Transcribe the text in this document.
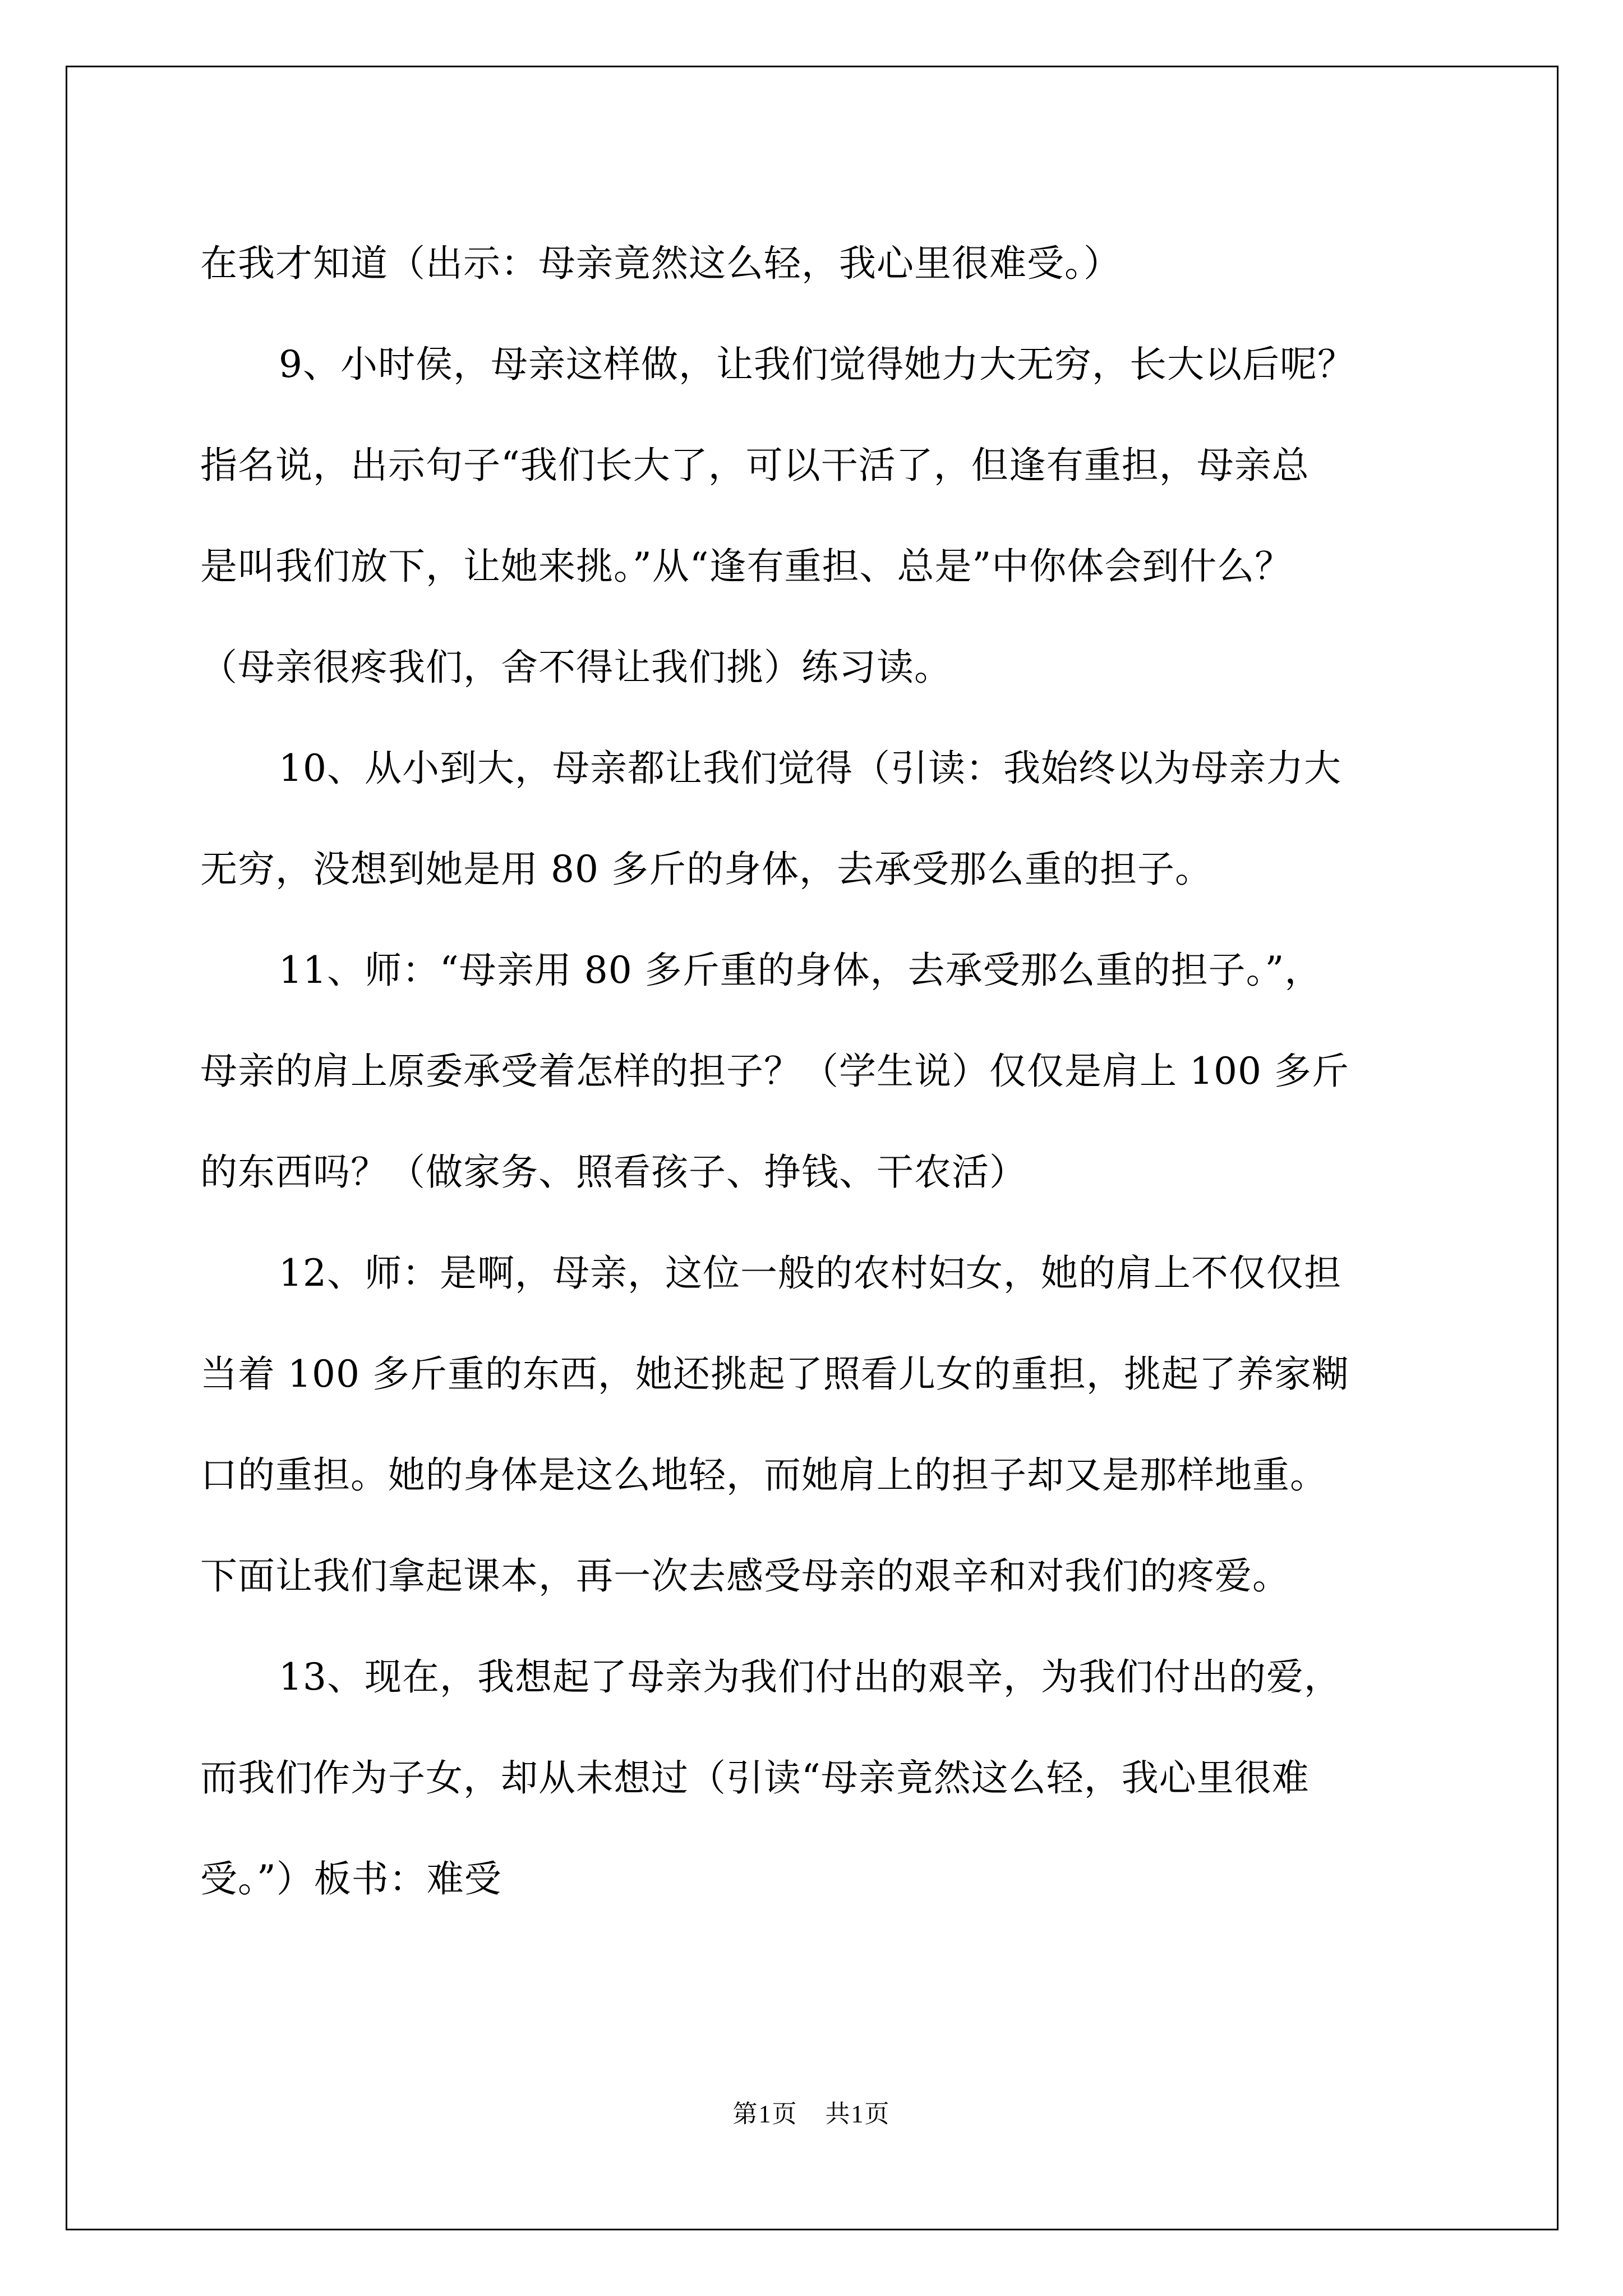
在我才知道（出示：母亲竟然这么轻，我心里很难受。）
9、小时侯，母亲这样做，让我们觉得她力大无穷，长大以后呢？
指名说，出示句子“我们长大了，可以干活了，但逢有重担，母亲总
是叫我们放下，让她来挑。”从“逢有重担、总是”中你体会到什么？
（母亲很疼我们，舍不得让我们挑）练习读。
10、从小到大，母亲都让我们觉得（引读：我始终以为母亲力大
无穷，没想到她是用 80 多斤的身体，去承受那么重的担子。
11、师：“母亲用 80 多斤重的身体，去承受那么重的担子。”，
母亲的肩上原委承受着怎样的担子？（学生说）仅仅是肩上 100 多斤
的东西吗？（做家务、照看孩子、挣钱、干农活）
12、师：是啊，母亲，这位一般的农村妇女，她的肩上不仅仅担
当着 100 多斤重的东西，她还挑起了照看儿女的重担，挑起了养家糊
口的重担。她的身体是这么地轻，而她肩上的担子却又是那样地重。
下面让我们拿起课本，再一次去感受母亲的艰辛和对我们的疼爱。
13、现在，我想起了母亲为我们付出的艰辛，为我们付出的爱，
而我们作为子女，却从未想过（引读“母亲竟然这么轻，我心里很难
受。”）板书：难受
第1页 共1页
